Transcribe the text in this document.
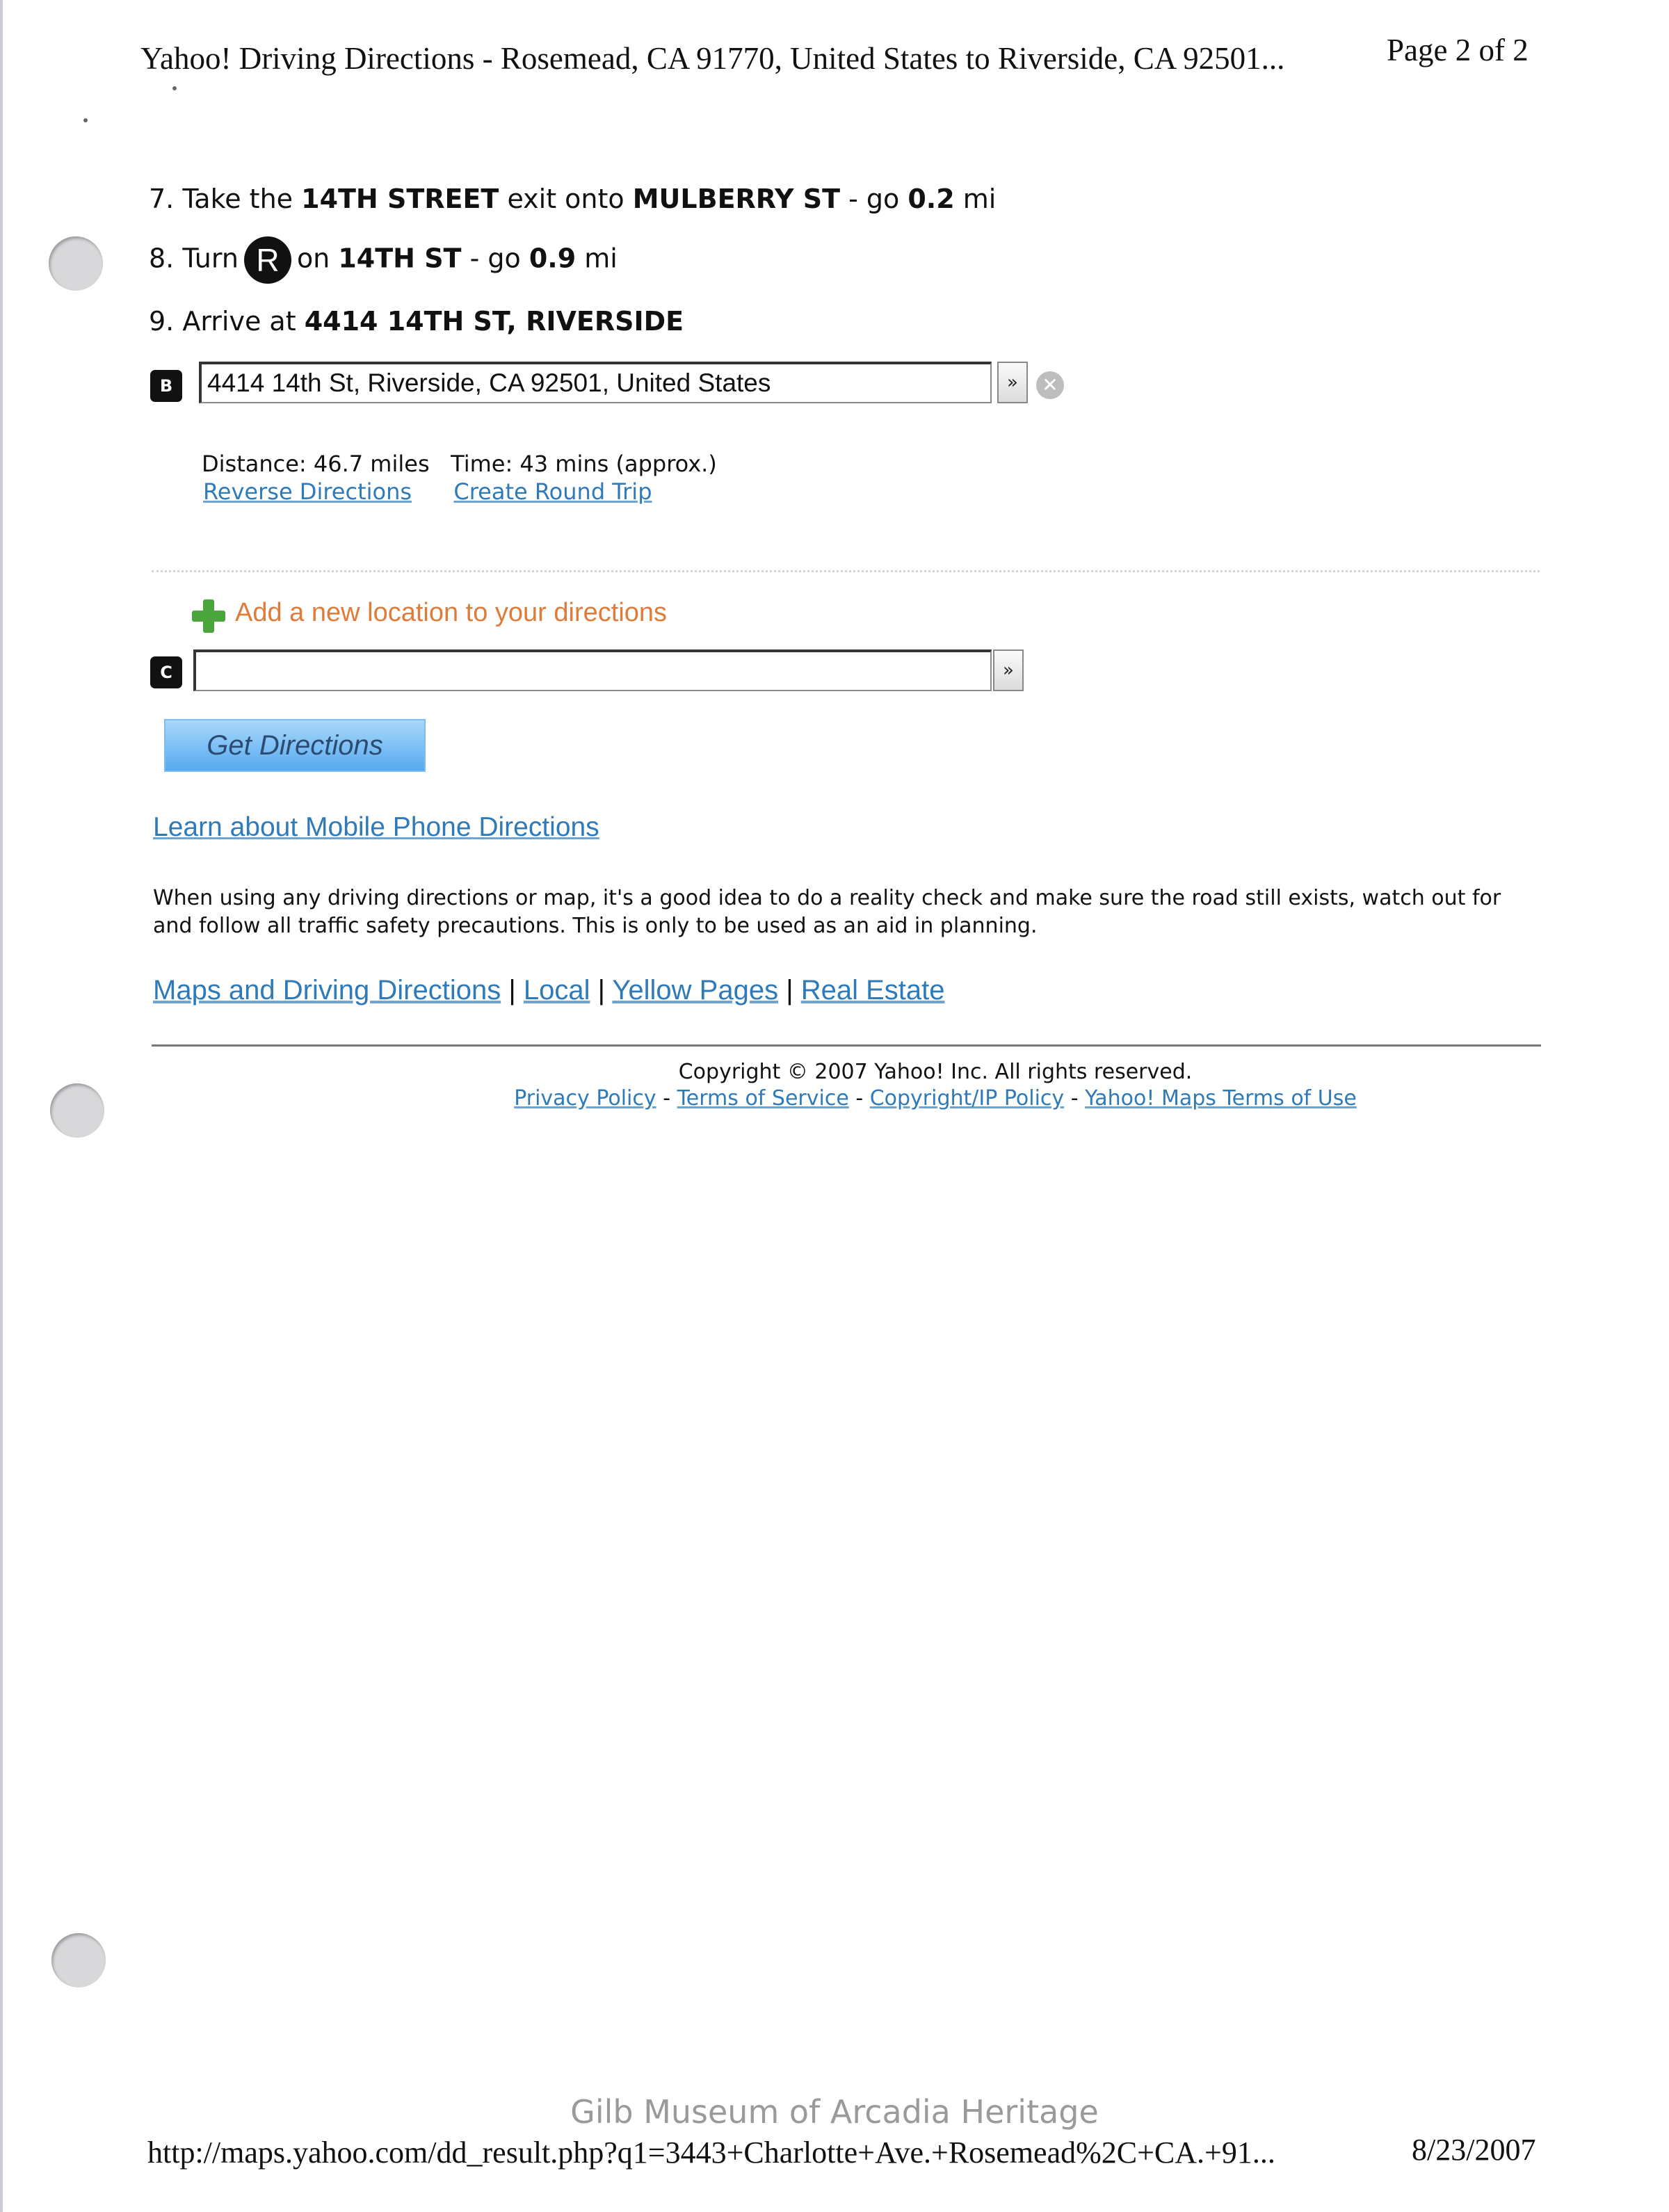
Yahoo! Driving Directions - Rosemead, CA 91770, United States to Riverside, CA 92501...	Page 2 of 2
7. Take the 14TH STREET exit onto MULBERRY ST - go 0.2 mi
8. Turn R on 14TH ST - go 0.9 mi
9. Arrive at 4414 14TH ST, RIVERSIDE
B	4414 14th St, Riverside, CA 92501, United States	»	✕
Distance: 46.7 miles Time: 43 mins (approx.)
Reverse Directions Create Round Trip
Add a new location to your directions
C	»
Get Directions
Learn about Mobile Phone Directions
When using any driving directions or map, it's a good idea to do a reality check and make sure the road still exists, watch out for
and follow all traffic safety precautions. This is only to be used as an aid in planning.
Maps and Driving Directions | Local | Yellow Pages | Real Estate
Copyright © 2007 Yahoo! Inc. All rights reserved.
Privacy Policy - Terms of Service - Copyright/IP Policy - Yahoo! Maps Terms of Use
Gilb Museum of Arcadia Heritage
http://maps.yahoo.com/dd_result.php?q1=3443+Charlotte+Ave.+Rosemead%2C+CA.+91...	8/23/2007
